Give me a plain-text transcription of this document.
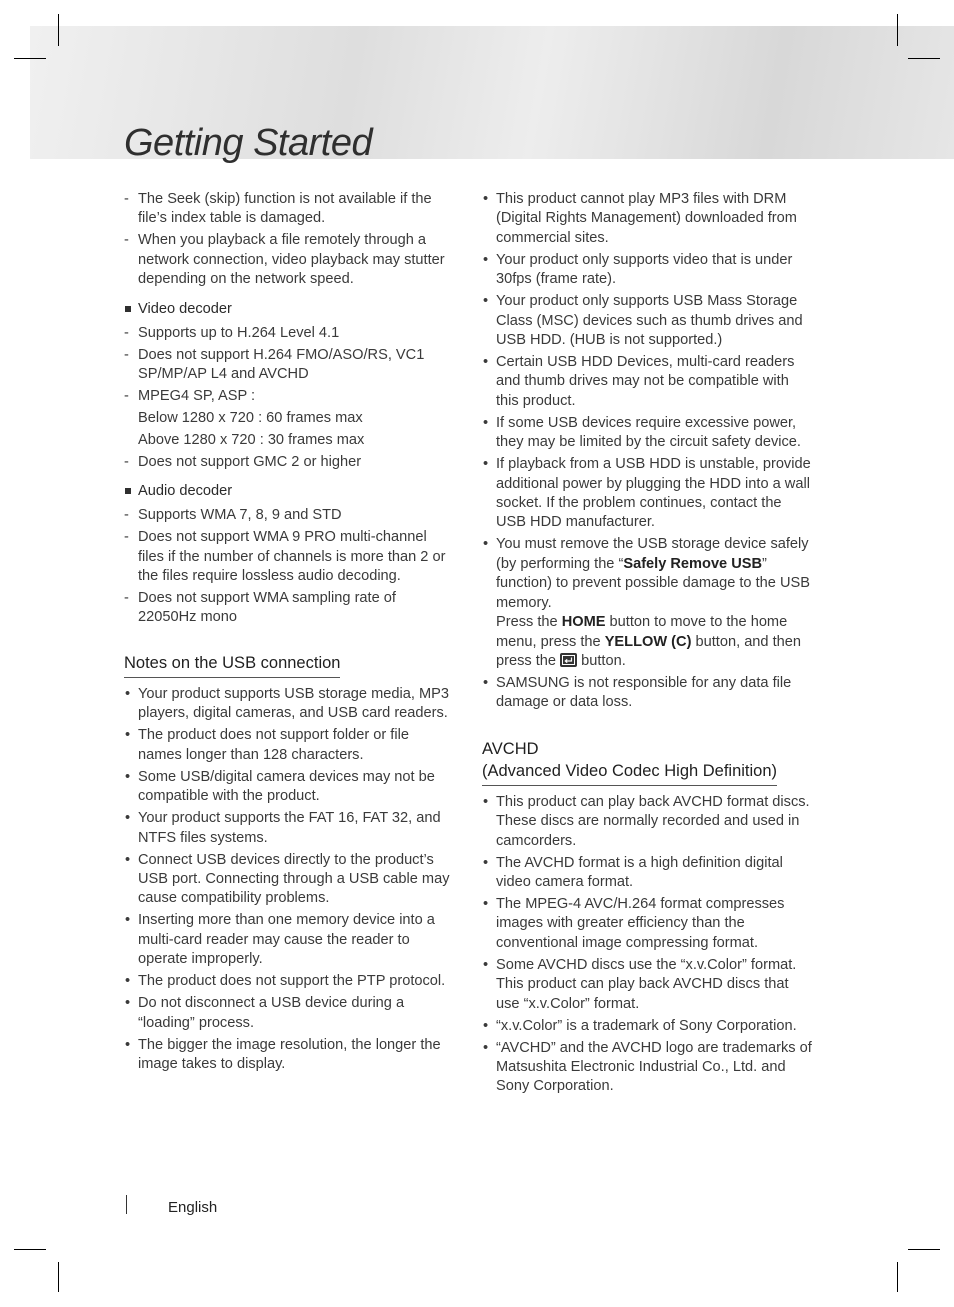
Getting Started
- The Seek (skip) function is not available if the file’s index table is damaged.
- When you playback a file remotely through a network connection, video playback may stutter depending on the network speed.
Video decoder
- Supports up to H.264 Level 4.1
- Does not support H.264 FMO/ASO/RS, VC1 SP/MP/AP L4 and AVCHD
- MPEG4 SP, ASP :
Below 1280 x 720 : 60 frames max
Above 1280 x 720 : 30 frames max
- Does not support GMC 2 or higher
Audio decoder
- Supports WMA 7, 8, 9 and STD
- Does not support WMA 9 PRO multi-channel files if the number of channels is more than 2 or the files require lossless audio decoding.
- Does not support WMA sampling rate of 22050Hz mono
Notes on the USB connection
• Your product supports USB storage media, MP3 players, digital cameras, and USB card readers.
• The product does not support folder or file names longer than 128 characters.
• Some USB/digital camera devices may not be compatible with the product.
• Your product supports the FAT 16, FAT 32, and NTFS files systems.
• Connect USB devices directly to the product’s USB port. Connecting through a USB cable may cause compatibility problems.
• Inserting more than one memory device into a multi-card reader may cause the reader to operate improperly.
• The product does not support the PTP protocol.
• Do not disconnect a USB device during a “loading” process.
• The bigger the image resolution, the longer the image takes to display.
• This product cannot play MP3 files with DRM (Digital Rights Management) downloaded from commercial sites.
• Your product only supports video that is under 30fps (frame rate).
• Your product only supports USB Mass Storage Class (MSC) devices such as thumb drives and USB HDD. (HUB is not supported.)
• Certain USB HDD Devices, multi-card readers and thumb drives may not be compatible with this product.
• If some USB devices require excessive power, they may be limited by the circuit safety device.
• If playback from a USB HDD is unstable, provide additional power by plugging the HDD into a wall socket. If the problem continues, contact the USB HDD manufacturer.
• You must remove the USB storage device safely (by performing the “Safely Remove USB” function) to prevent possible damage to the USB memory.
Press the HOME button to move to the home menu, press the YELLOW (C) button, and then press the
button.
• SAMSUNG is not responsible for any data file damage or data loss.
AVCHD
(Advanced Video Codec High Definition)
• This product can play back AVCHD format discs. These discs are normally recorded and used in camcorders.
• The AVCHD format is a high definition digital video camera format.
• The MPEG-4 AVC/H.264 format compresses images with greater efficiency than the conventional image compressing format.
• Some AVCHD discs use the “x.v.Color” format. This product can play back AVCHD discs that use “x.v.Color” format.
• “x.v.Color” is a trademark of Sony Corporation.
• “AVCHD” and the AVCHD logo are trademarks of Matsushita Electronic Industrial Co., Ltd. and Sony Corporation.
English
